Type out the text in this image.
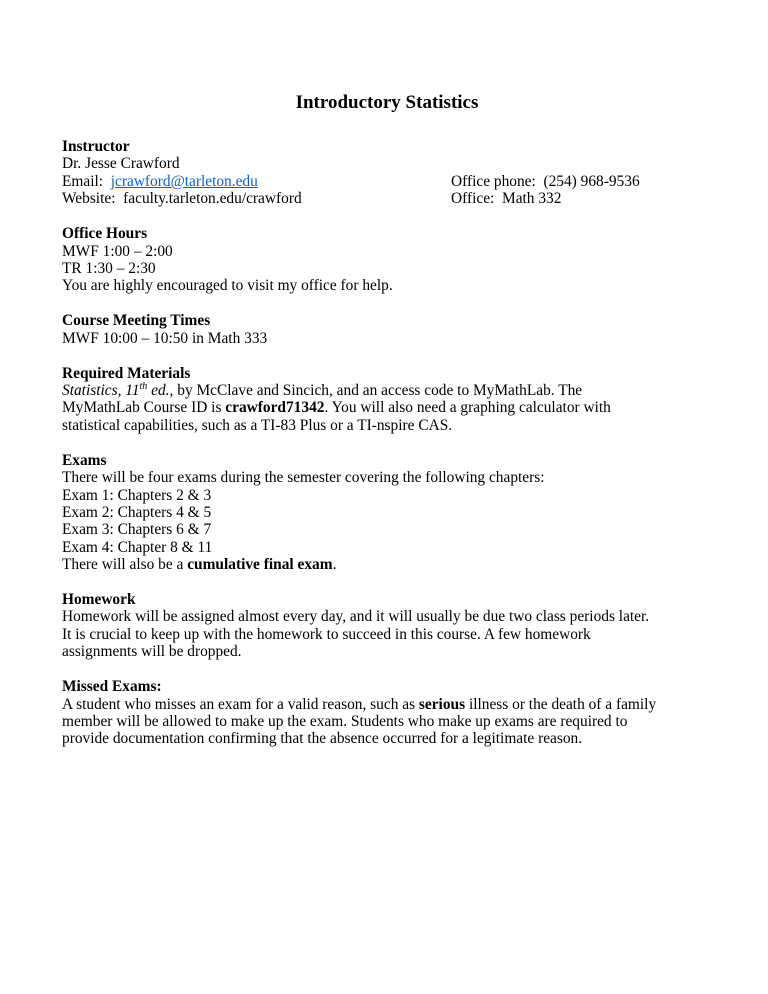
Introductory Statistics
Instructor
Dr. Jesse Crawford
Email: jcrawford@tarleton.edu
Website: faculty.tarleton.edu/crawford
Office phone: (254) 968-9536
Office: Math 332
Office Hours
MWF 1:00 – 2:00
TR 1:30 – 2:30
You are highly encouraged to visit my office for help.
Course Meeting Times
MWF 10:00 – 10:50 in Math 333
Required Materials
Statistics, 11th ed., by McClave and Sincich, and an access code to MyMathLab. The
MyMathLab Course ID is crawford71342. You will also need a graphing calculator with
statistical capabilities, such as a TI-83 Plus or a TI-nspire CAS.
Exams
There will be four exams during the semester covering the following chapters:
Exam 1: Chapters 2 & 3
Exam 2: Chapters 4 & 5
Exam 3: Chapters 6 & 7
Exam 4: Chapter 8 & 11
There will also be a cumulative final exam.
Homework
Homework will be assigned almost every day, and it will usually be due two class periods later.
It is crucial to keep up with the homework to succeed in this course. A few homework
assignments will be dropped.
Missed Exams:
A student who misses an exam for a valid reason, such as serious illness or the death of a family
member will be allowed to make up the exam. Students who make up exams are required to
provide documentation confirming that the absence occurred for a legitimate reason.
